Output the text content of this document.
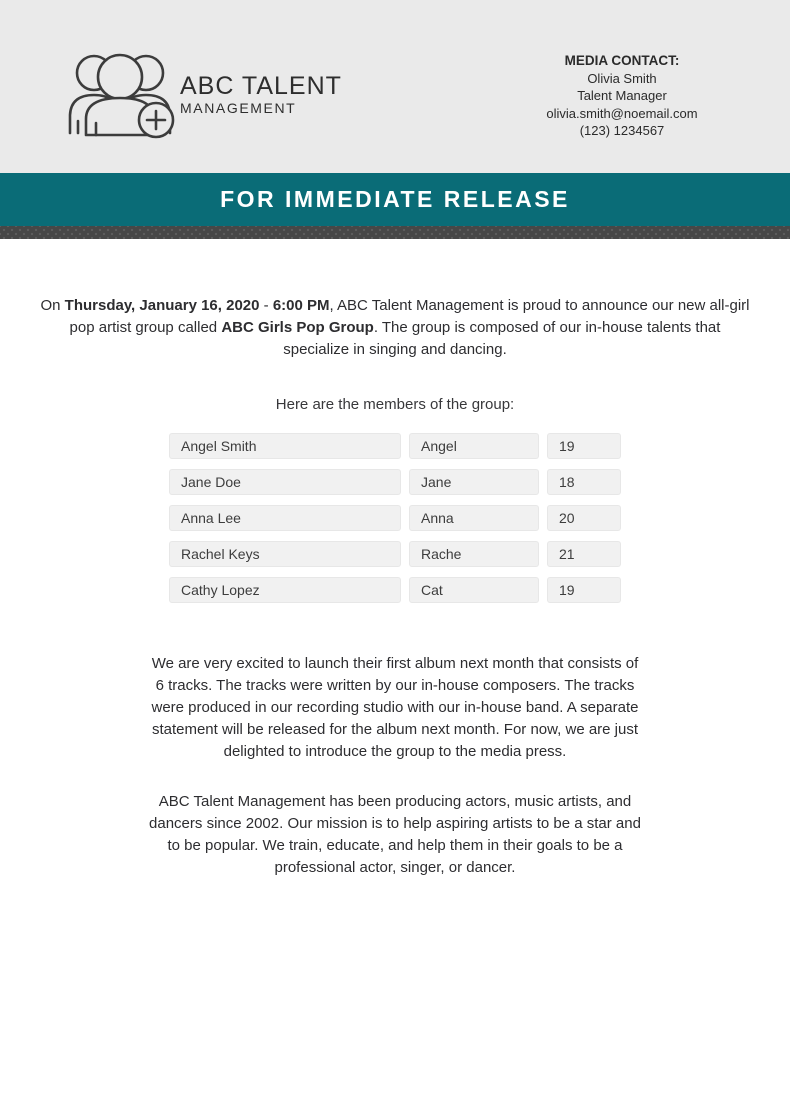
ABC TALENT
MANAGEMENT
MEDIA CONTACT:
Olivia Smith
Talent Manager
olivia.smith@noemail.com
(123) 1234567
FOR IMMEDIATE RELEASE

On Thursday, January 16, 2020 - 6:00 PM, ABC Talent Management is proud to announce our new all-girl pop artist group called ABC Girls Pop Group. The group is composed of our in-house talents that specialize in singing and dancing.

Here are the members of the group:
Angel Smith	Angel	19
Jane Doe	Jane	18
Anna Lee	Anna	20
Rachel Keys	Rache	21
Cathy Lopez	Cat	19

We are very excited to launch their first album next month that consists of 6 tracks. The tracks were written by our in-house composers. The tracks were produced in our recording studio with our in-house band. A separate statement will be released for the album next month. For now, we are just delighted to introduce the group to the media press.

ABC Talent Management has been producing actors, music artists, and dancers since 2002. Our mission is to help aspiring artists to be a star and to be popular. We train, educate, and help them in their goals to be a professional actor, singer, or dancer.
